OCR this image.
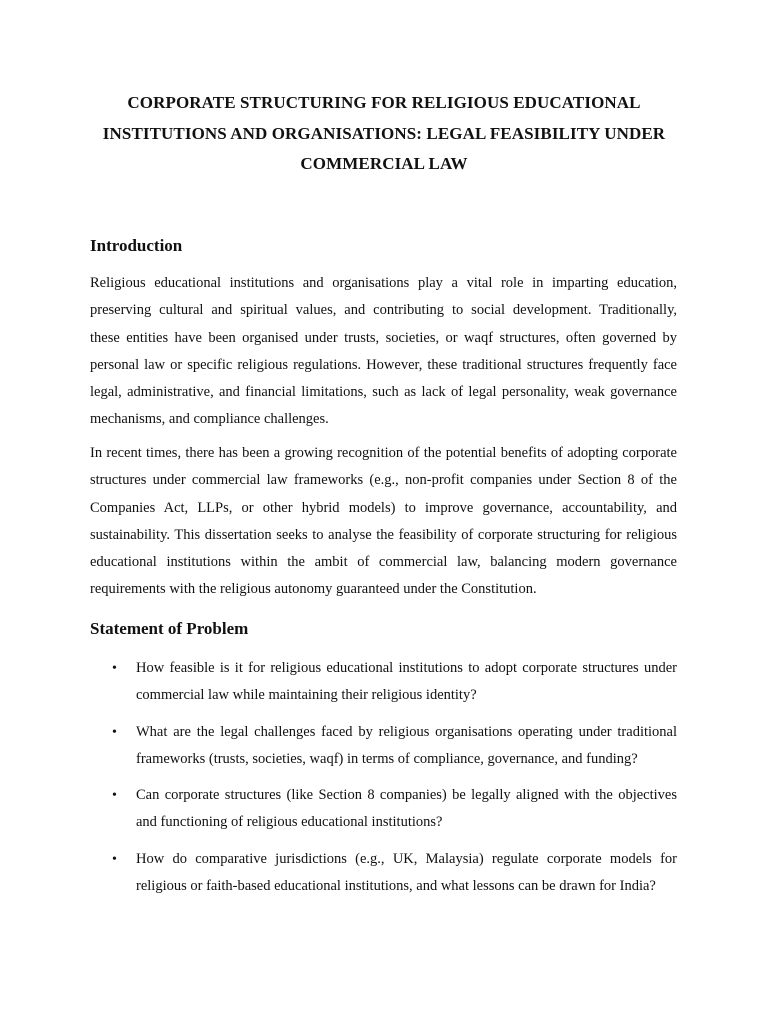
CORPORATE STRUCTURING FOR RELIGIOUS EDUCATIONAL
INSTITUTIONS AND ORGANISATIONS: LEGAL FEASIBILITY UNDER
COMMERCIAL LAW
Introduction

Religious educational institutions and organisations play a vital role in imparting education,
preserving cultural and spiritual values, and contributing to social development. Traditionally,
these entities have been organised under trusts, societies, or waqf structures, often governed by
personal law or specific religious regulations. However, these traditional structures frequently face
legal, administrative, and financial limitations, such as lack of legal personality, weak governance
mechanisms, and compliance challenges.

In recent times, there has been a growing recognition of the potential benefits of adopting corporate
structures under commercial law frameworks (e.g., non-profit companies under Section 8 of the
Companies Act, LLPs, or other hybrid models) to improve governance, accountability, and
sustainability. This dissertation seeks to analyse the feasibility of corporate structuring for religious
educational institutions within the ambit of commercial law, balancing modern governance
requirements with the religious autonomy guaranteed under the Constitution.

Statement of Problem
• How feasible is it for religious educational institutions to adopt corporate structures under
commercial law while maintaining their religious identity?
• What are the legal challenges faced by religious organisations operating under traditional
frameworks (trusts, societies, waqf) in terms of compliance, governance, and funding?
• Can corporate structures (like Section 8 companies) be legally aligned with the objectives
and functioning of religious educational institutions?
• How do comparative jurisdictions (e.g., UK, Malaysia) regulate corporate models for
religious or faith-based educational institutions, and what lessons can be drawn for India?
